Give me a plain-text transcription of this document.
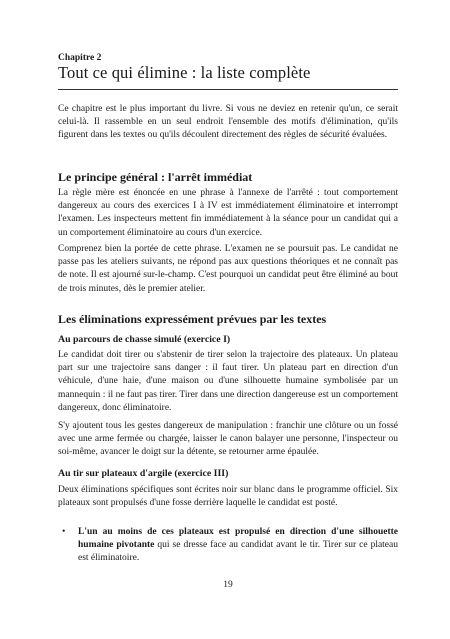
Chapitre 2

Tout ce qui élimine : la liste complète

Ce chapitre est le plus important du livre. Si vous ne deviez en retenir qu'un, ce serait celui-là. Il rassemble en un seul endroit l'ensemble des motifs d'élimination, qu'ils figurent dans les textes ou qu'ils découlent directement des règles de sécurité évaluées.

Le principe général : l'arrêt immédiat

La règle mère est énoncée en une phrase à l'annexe de l'arrêté : tout comportement dangereux au cours des exercices I à IV est immédiatement éliminatoire et interrompt l'examen. Les inspecteurs mettent fin immédiatement à la séance pour un candidat qui a un comportement éliminatoire au cours d'un exercice.

Comprenez bien la portée de cette phrase. L'examen ne se poursuit pas. Le candidat ne passe pas les ateliers suivants, ne répond pas aux questions théoriques et ne connaît pas de note. Il est ajourné sur-le-champ. C'est pourquoi un candidat peut être éliminé au bout de trois minutes, dès le premier atelier.

Les éliminations expressément prévues par les textes
Au parcours de chasse simulé (exercice I)

Le candidat doit tirer ou s'abstenir de tirer selon la trajectoire des plateaux. Un plateau part sur une trajectoire sans danger : il faut tirer. Un plateau part en direction d'un véhicule, d'une haie, d'une maison ou d'une silhouette humaine symbolisée par un mannequin : il ne faut pas tirer. Tirer dans une direction dangereuse est un comportement dangereux, donc éliminatoire.

S'y ajoutent tous les gestes dangereux de manipulation : franchir une clôture ou un fossé avec une arme fermée ou chargée, laisser le canon balayer une personne, l'inspecteur ou soi-même, avancer le doigt sur la détente, se retourner arme épaulée.

Au tir sur plateaux d'argile (exercice III)

Deux éliminations spécifiques sont écrites noir sur blanc dans le programme officiel. Six plateaux sont propulsés d'une fosse derrière laquelle le candidat est posté.

•	L'un au moins de ces plateaux est propulsé en direction d'une silhouette humaine pivotante qui se dresse face au candidat avant le tir. Tirer sur ce plateau est éliminatoire.
19
